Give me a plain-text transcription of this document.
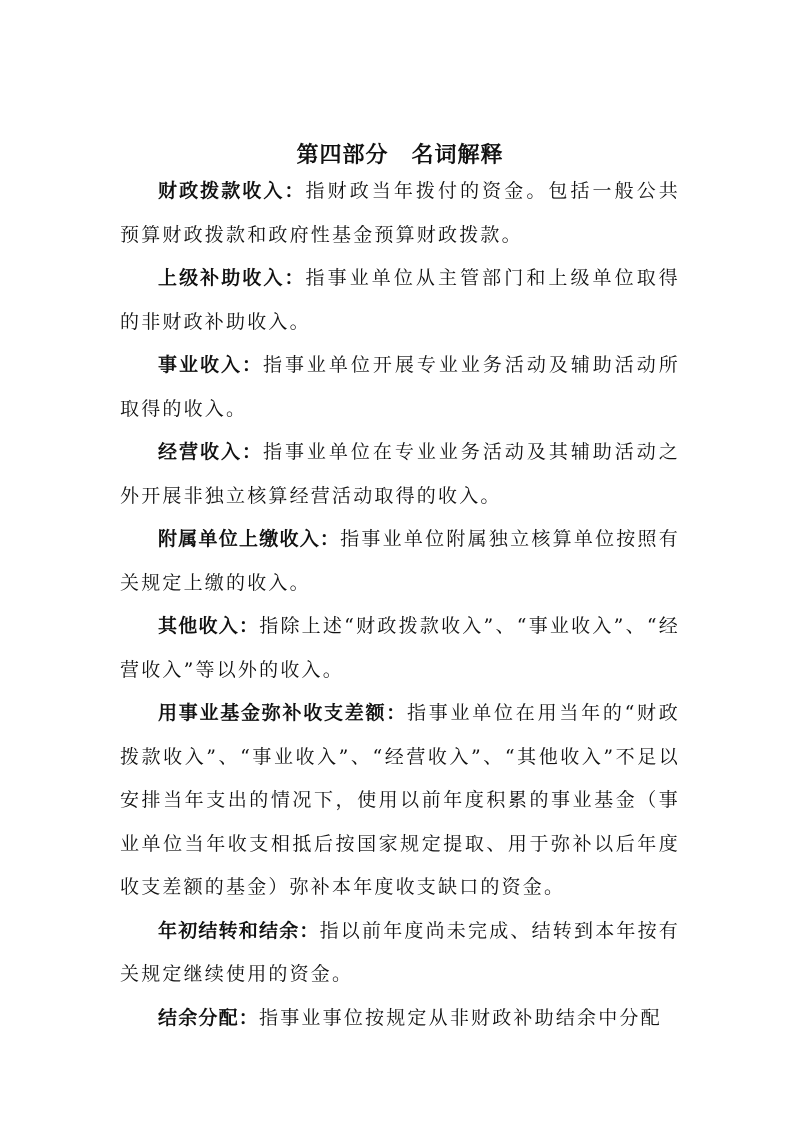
第四部分　名词解释

财政拨款收入：指财政当年拨付的资金。包括一般公共预算财政拨款和政府性基金预算财政拨款。

上级补助收入：指事业单位从主管部门和上级单位取得的非财政补助收入。

事业收入：指事业单位开展专业业务活动及辅助活动所取得的收入。

经营收入：指事业单位在专业业务活动及其辅助活动之外开展非独立核算经营活动取得的收入。

附属单位上缴收入：指事业单位附属独立核算单位按照有关规定上缴的收入。

其他收入：指除上述“财政拨款收入”、“事业收入”、“经营收入”等以外的收入。

用事业基金弥补收支差额：指事业单位在用当年的“财政拨款收入”、“事业收入”、“经营收入”、“其他收入”不足以安排当年支出的情况下，使用以前年度积累的事业基金（事业单位当年收支相抵后按国家规定提取、用于弥补以后年度收支差额的基金）弥补本年度收支缺口的资金。

年初结转和结余：指以前年度尚未完成、结转到本年按有关规定继续使用的资金。

结余分配：指事业事位按规定从非财政补助结余中分配
